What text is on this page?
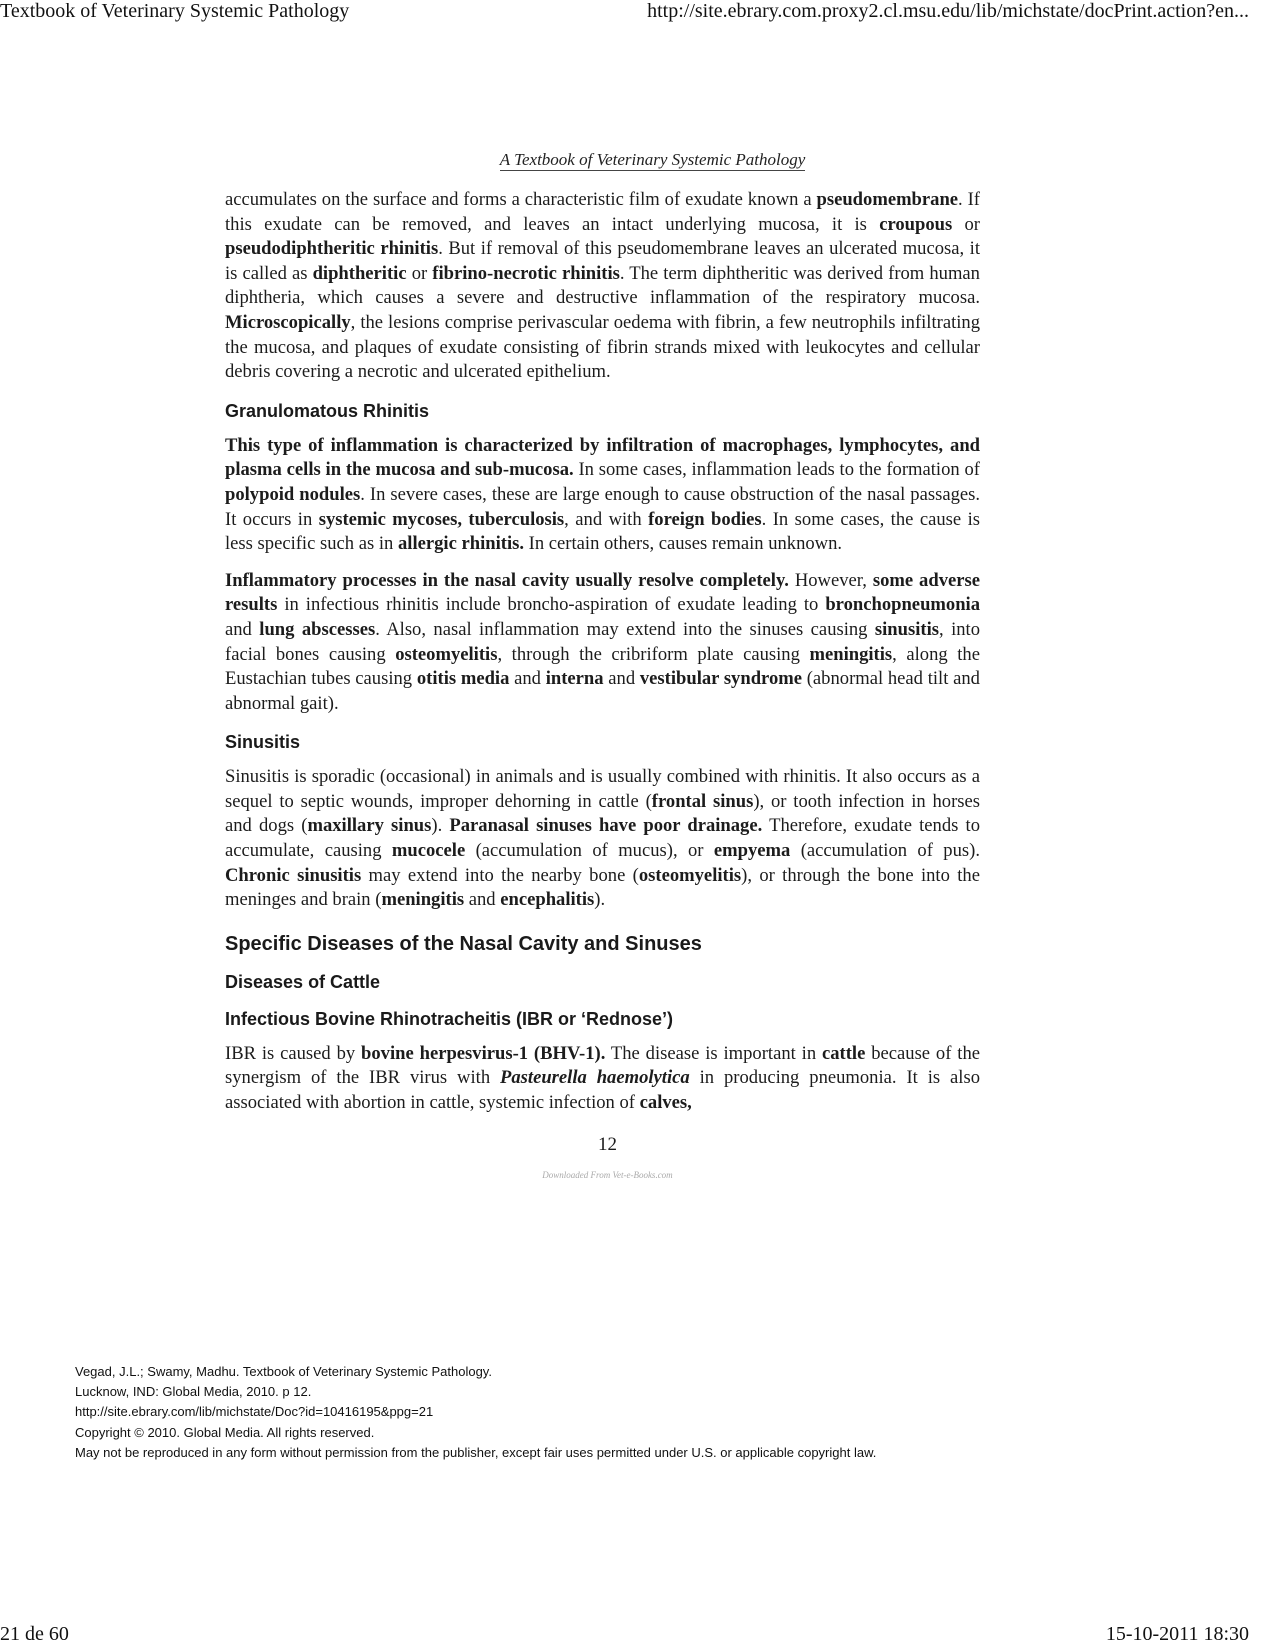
Textbook of Veterinary Systemic Pathology	http://site.ebrary.com.proxy2.cl.msu.edu/lib/michstate/docPrint.action?en...
A Textbook of Veterinary Systemic Pathology

accumulates on the surface and forms a characteristic film of exudate known a pseudomembrane. If this exudate can be removed, and leaves an intact underlying mucosa, it is croupous or pseudodiphtheritic rhinitis. But if removal of this pseudomembrane leaves an ulcerated mucosa, it is called as diphtheritic or fibrino-necrotic rhinitis. The term diphtheritic was derived from human diphtheria, which causes a severe and destructive inflammation of the respiratory mucosa. Microscopically, the lesions comprise perivascular oedema with fibrin, a few neutrophils infiltrating the mucosa, and plaques of exudate consisting of fibrin strands mixed with leukocytes and cellular debris covering a necrotic and ulcerated epithelium.

Granulomatous Rhinitis

This type of inflammation is characterized by infiltration of macrophages, lymphocytes, and plasma cells in the mucosa and sub-mucosa. In some cases, inflammation leads to the formation of polypoid nodules. In severe cases, these are large enough to cause obstruction of the nasal passages. It occurs in systemic mycoses, tuberculosis, and with foreign bodies. In some cases, the cause is less specific such as in allergic rhinitis. In certain others, causes remain unknown.

Inflammatory processes in the nasal cavity usually resolve completely. However, some adverse results in infectious rhinitis include broncho-aspiration of exudate leading to bronchopneumonia and lung abscesses. Also, nasal inflammation may extend into the sinuses causing sinusitis, into facial bones causing osteomyelitis, through the cribriform plate causing meningitis, along the Eustachian tubes causing otitis media and interna and vestibular syndrome (abnormal head tilt and abnormal gait).

Sinusitis

Sinusitis is sporadic (occasional) in animals and is usually combined with rhinitis. It also occurs as a sequel to septic wounds, improper dehorning in cattle (frontal sinus), or tooth infection in horses and dogs (maxillary sinus). Paranasal sinuses have poor drainage. Therefore, exudate tends to accumulate, causing mucocele (accumulation of mucus), or empyema (accumulation of pus). Chronic sinusitis may extend into the nearby bone (osteomyelitis), or through the bone into the meninges and brain (meningitis and encephalitis).

Specific Diseases of the Nasal Cavity and Sinuses
Diseases of Cattle
Infectious Bovine Rhinotracheitis (IBR or ‘Rednose’)

IBR is caused by bovine herpesvirus-1 (BHV-1). The disease is important in cattle because of the synergism of the IBR virus with Pasteurella haemolytica in producing pneumonia. It is also associated with abortion in cattle, systemic infection of calves,

12
Downloaded From Vet-e-Books.com
Vegad, J.L.; Swamy, Madhu. Textbook of Veterinary Systemic Pathology.
Lucknow, IND: Global Media, 2010. p 12.
http://site.ebrary.com/lib/michstate/Doc?id=10416195&ppg=21
Copyright © 2010. Global Media. All rights reserved.
May not be reproduced in any form without permission from the publisher, except fair uses permitted under U.S. or applicable copyright law.
21 de 60	15-10-2011 18:30
